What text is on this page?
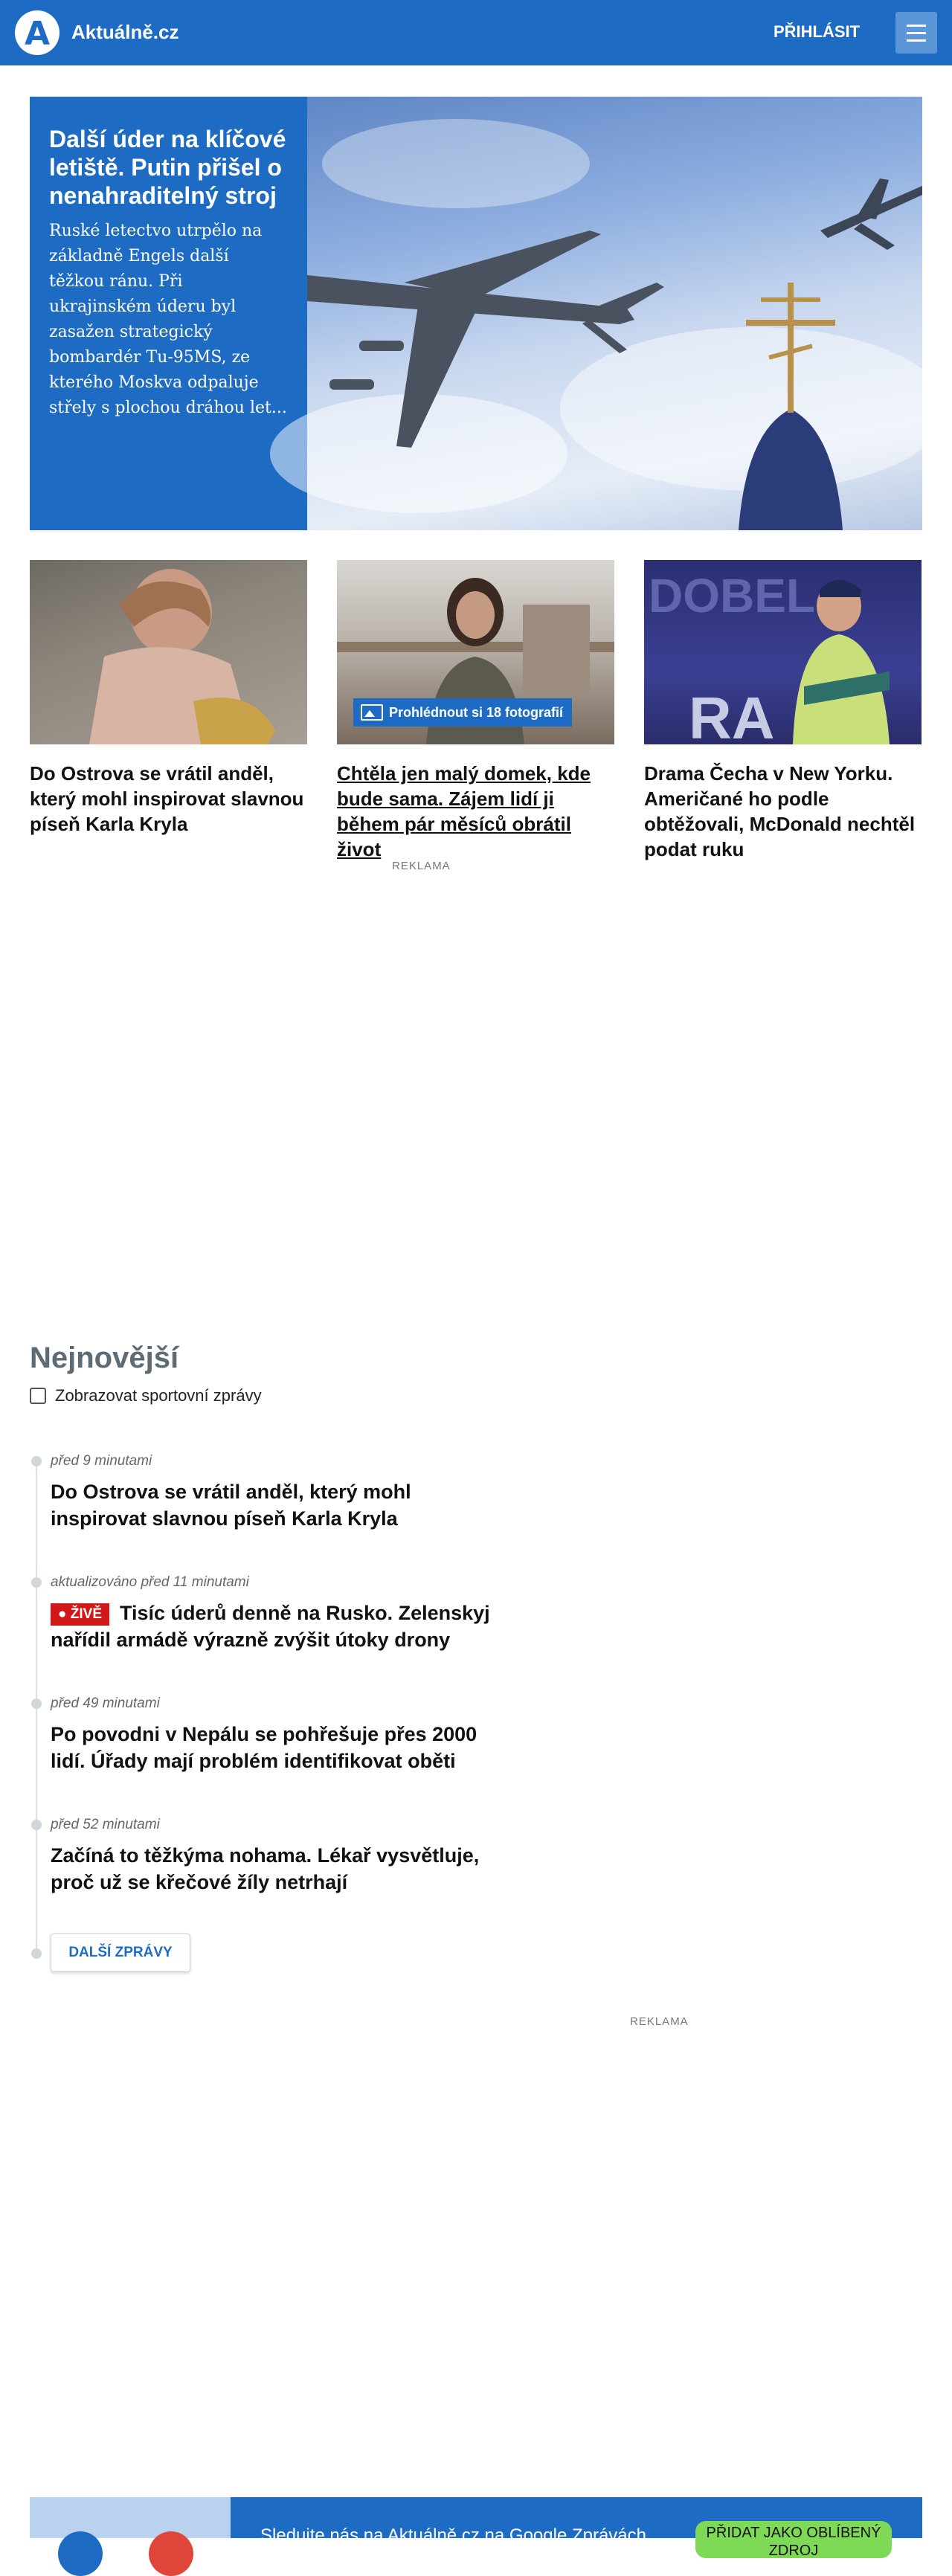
A	Aktuálně.cz	PŘIHLÁSIT
Další úder na klíčové letiště. Putin přišel o nenahraditelný stroj
Ruské letectvo utrpělo na základně Engels další těžkou ránu. Při ukrajinském úderu byl zasažen strategický bombardér Tu-95MS, ze kterého Moskva odpaluje střely s plochou dráhou let...
Do Ostrova se vrátil anděl, který mohl inspirovat slavnou píseň Karla Kryla
Prohlédnout si 18 fotografií
Chtěla jen malý domek, kde bude sama. Zájem lidí ji během pár měsíců obrátil život
DOBEL
RA
Drama Čecha v New Yorku. Američané ho podle obtěžovali, McDonald nechtěl podat ruku
REKLAMA
Nejnovější
Zobrazovat sportovní zprávy
před 9 minutami
Do Ostrova se vrátil anděl, který mohl inspirovat slavnou píseň Karla Kryla
aktualizováno před 11 minutami
● ŽIVĚ Tisíc úderů denně na Rusko. Zelenskyj nařídil armádě výrazně zvýšit útoky drony
před 49 minutami
Po povodni v Nepálu se pohřešuje přes 2000 lidí. Úřady mají problém identifikovat oběti
před 52 minutami
Začíná to těžkýma nohama. Lékař vysvětluje, proč už se křečové žíly netrhají
DALŠÍ ZPRÁVY
REKLAMA
Sledujte nás na Aktuálně.cz na Google Zprávách	PŘIDAT JAKO OBLÍBENÝ ZDROJ
